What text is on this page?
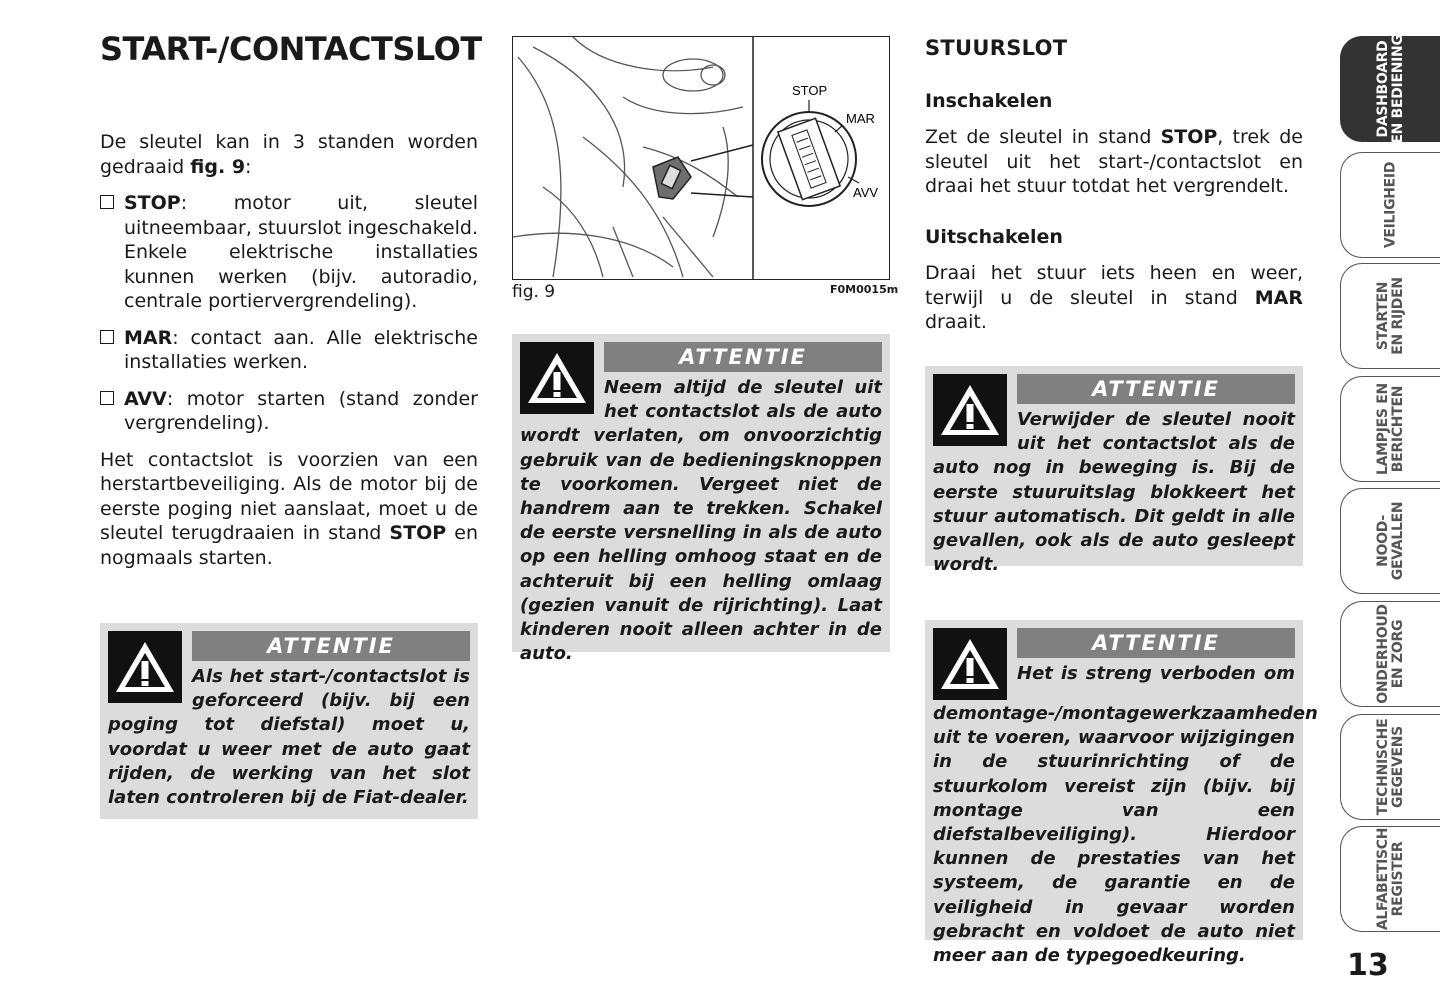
START-/CONTACTSLOT

De sleutel kan in 3 standen worden gedraaid fig. 9:

STOP: motor uit, sleutel uitneembaar, stuurslot ingeschakeld. Enkele elektrische installaties kunnen werken (bijv. autoradio, centrale portiervergrendeling).
MAR: contact aan. Alle elektrische installaties werken.
AVV: motor starten (stand zonder vergrendeling).

Het contactslot is voorzien van een herstartbeveiliging. Als de motor bij de eerste poging niet aanslaat, moet u de sleutel terugdraaien in stand STOP en nogmaals starten.

ATTENTIE
Als het start-/contactslot is geforceerd (bijv. bij een poging tot diefstal) moet u, voordat u weer met de auto gaat rijden, de werking van het slot laten controleren bij de Fiat-dealer.
STOP
MAR
AVV
fig. 9	F0M0015m
ATTENTIE
Neem altijd de sleutel uit het contactslot als de auto wordt verlaten, om onvoorzichtig gebruik van de bedieningsknoppen te voorkomen. Vergeet niet de handrem aan te trekken. Schakel de eerste versnelling in als de auto op een helling omhoog staat en de achteruit bij een helling omlaag (gezien vanuit de rijrichting). Laat kinderen nooit alleen achter in de auto.
STUURSLOT
Inschakelen

Zet de sleutel in stand STOP, trek de sleutel uit het start-/contactslot en draai het stuur totdat het vergrendelt.

Uitschakelen

Draai het stuur iets heen en weer, terwijl u de sleutel in stand MAR draait.

ATTENTIE
Verwijder de sleutel nooit uit het contactslot als de auto nog in beweging is. Bij de eerste stuuruitslag blokkeert het stuur automatisch. Dit geldt in alle gevallen, ook als de auto gesleept wordt.
ATTENTIE
Het is streng verboden om demontage-/montagewerkzaamheden uit te voeren, waarvoor wijzigingen in de stuurinrichting of de stuurkolom vereist zijn (bijv. bij montage van een diefstalbeveiliging). Hierdoor kunnen de prestaties van het systeem, de garantie en de veiligheid in gevaar worden gebracht en voldoet de auto niet meer aan de typegoedkeuring.
DASHBOARD
EN BEDIENING
VEILIGHEID
STARTEN
EN RIJDEN
LAMPJES EN
BERICHTEN
NOOD-
GEVALLEN
ONDERHOUD
EN ZORG
TECHNISCHE
GEGEVENS
ALFABETISCH
REGISTER
13
